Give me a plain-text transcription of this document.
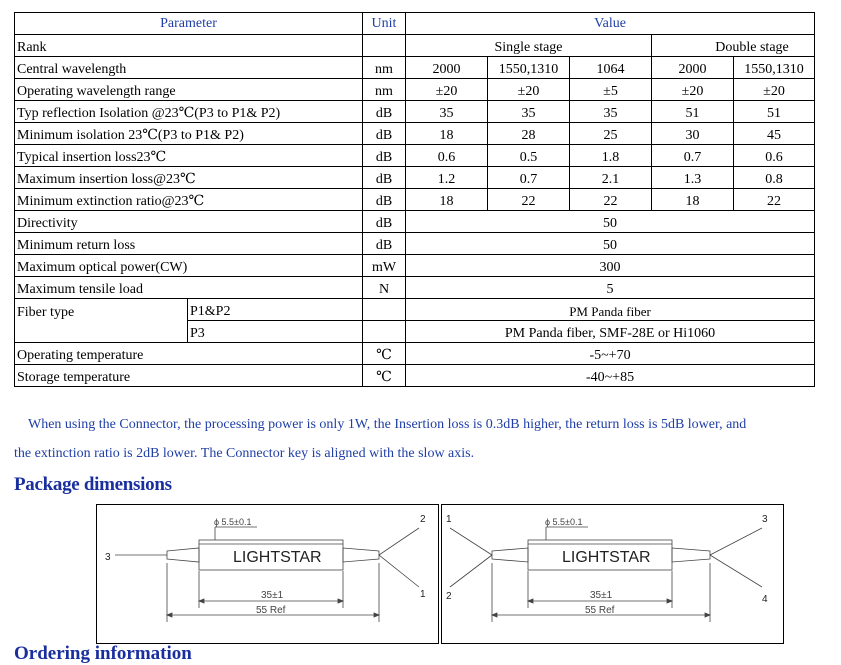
Parameter		Unit	Value				
Rank			Single stage			Double stage	
Central wavelength		nm	2000	1550,1310	1064	2000	1550,1310
Operating wavelength range		nm	±20	±20	±5	±20	±20
Typ reflection Isolation @23℃(P3 to P1& P2)		dB	35	35	35	51	51
Minimum isolation 23℃(P3 to P1& P2)		dB	18	28	25	30	45
Typical insertion loss23℃		dB	0.6	0.5	1.8	0.7	0.6
Maximum insertion loss@23℃		dB	1.2	0.7	2.1	1.3	0.8
Minimum extinction ratio@23℃		dB	18	22	22	18	22
Directivity		dB	50				
Minimum return loss		dB	50				
Maximum optical power(CW)		mW	300				
Maximum tensile load		N	5				
Fiber type	P1&P2		PM Panda fiber				
	P3		PM Panda fiber, SMF-28E or Hi1060				
Operating temperature		℃	-5~+70				
Storage temperature		℃	-40~+85				
When using the Connector, the processing power is only 1W, the Insertion loss is 0.3dB higher, the return loss is 5dB lower, and
the extinction ratio is 2dB lower. The Connector key is aligned with the slow axis.
Package dimensions
LIGHTSTAR
ϕ 5.5±0.1
35±1
55 Ref
3
2
1
LIGHTSTAR
ϕ 5.5±0.1
35±1
55 Ref
1
2
3
4
Ordering information
